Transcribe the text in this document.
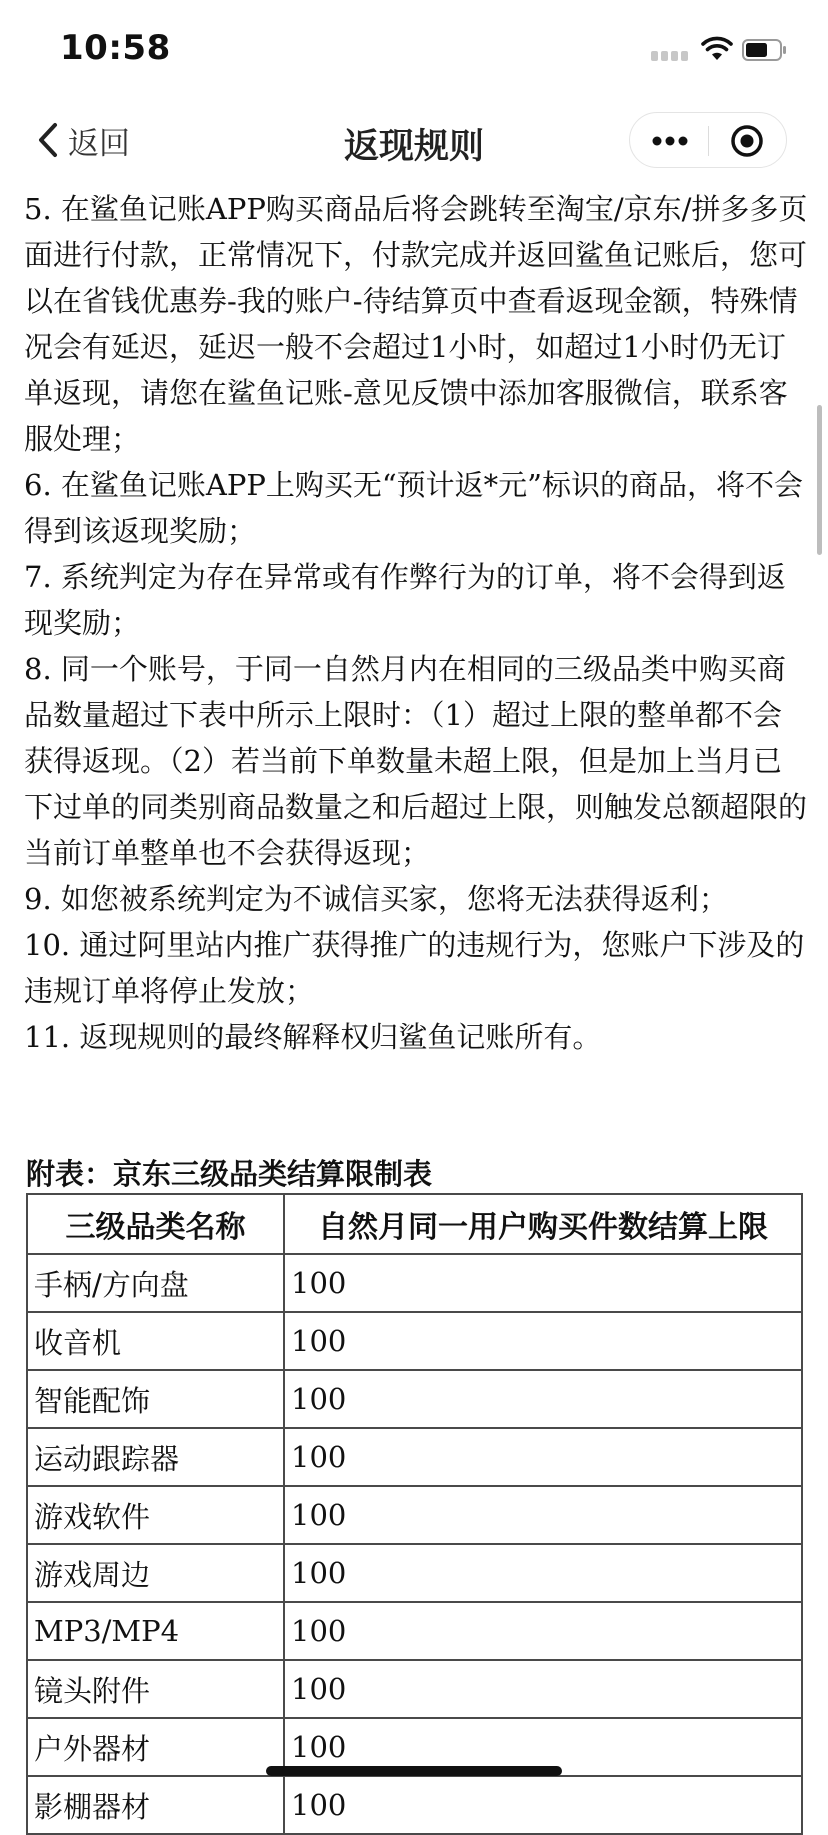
10:58
返回	返现规则

5. 在鲨鱼记账APP购买商品后将会跳转至淘宝/京东/拼多多页面进行付款，正常情况下，付款完成并返回鲨鱼记账后，您可以在省钱优惠券-我的账户-待结算页中查看返现金额，特殊情况会有延迟，延迟一般不会超过1小时，如超过1小时仍无订单返现，请您在鲨鱼记账-意见反馈中添加客服微信，联系客服处理；

6. 在鲨鱼记账APP上购买无“预计返*元”标识的商品，将不会得到该返现奖励；

7. 系统判定为存在异常或有作弊行为的订单，将不会得到返现奖励；

8. 同一个账号，于同一自然月内在相同的三级品类中购买商品数量超过下表中所示上限时：（1）超过上限的整单都不会获得返现。（2）若当前下单数量未超上限，但是加上当月已下过单的同类别商品数量之和后超过上限，则触发总额超限的当前订单整单也不会获得返现；

9. 如您被系统判定为不诚信买家，您将无法获得返利；

10. 通过阿里站内推广获得推广的违规行为，您账户下涉及的违规订单将停止发放；

11. 返现规则的最终解释权归鲨鱼记账所有。

附表：京东三级品类结算限制表
三级品类名称	自然月同一用户购买件数结算上限
手柄/方向盘	100
收音机	100
智能配饰	100
运动跟踪器	100
游戏软件	100
游戏周边	100
MP3/MP4	100
镜头附件	100
户外器材	100
影棚器材	100
